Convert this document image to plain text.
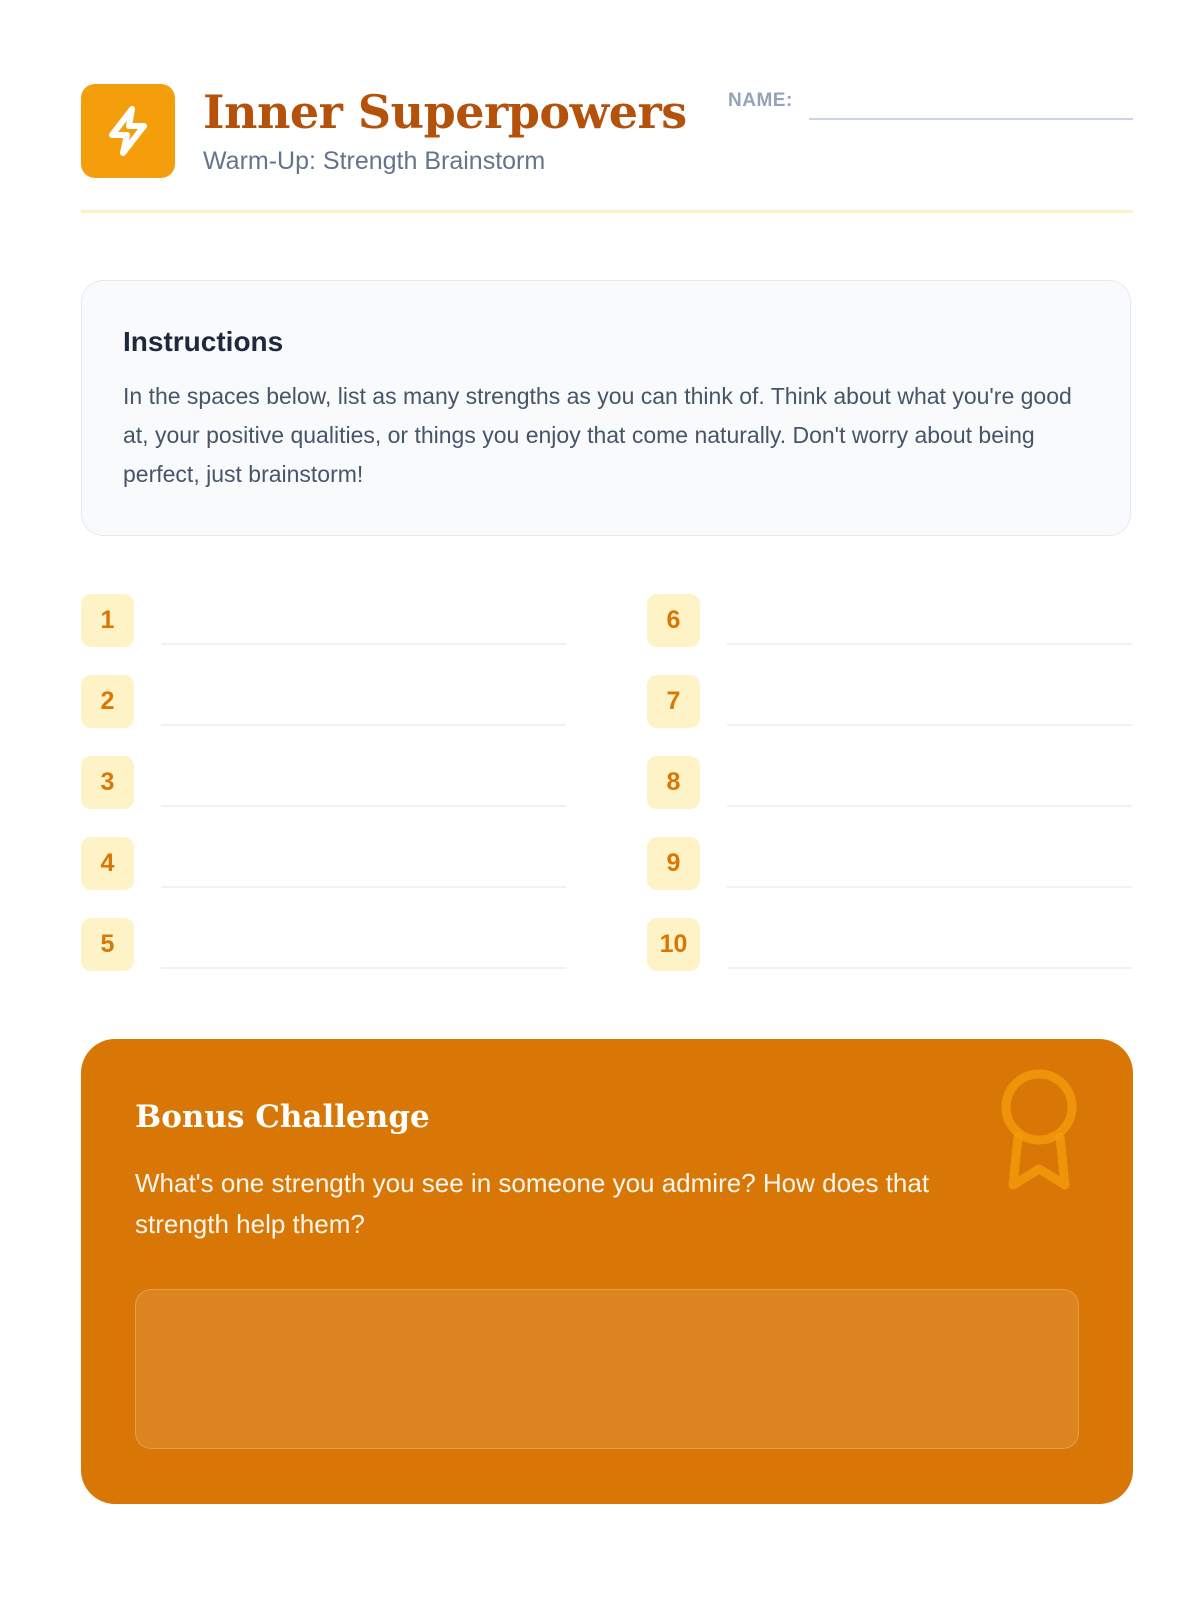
Inner Superpowers
Warm-Up: Strength Brainstorm
NAME:
Instructions

In the spaces below, list as many strengths as you can think of. Think about what you're good at, your positive qualities, or things you enjoy that come naturally. Don't worry about being perfect, just brainstorm!

1
2
3
4
5
6
7
8
9
10
Bonus Challenge

What's one strength you see in someone you admire? How does that strength help them?
